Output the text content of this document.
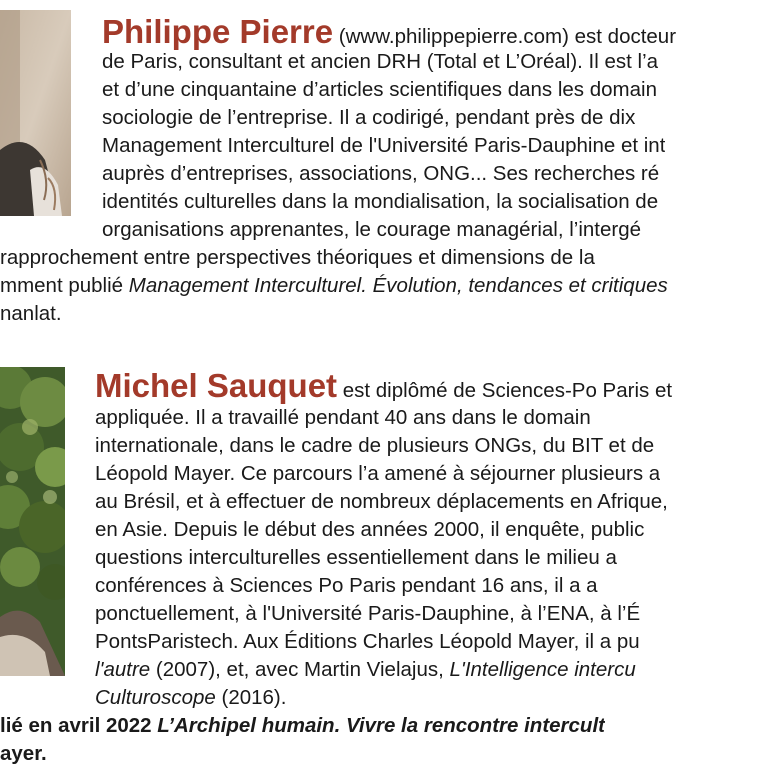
Philippe Pierre (www.philippepierre.com) est docteur
de Paris, consultant et ancien DRH (Total et L’Oréal). Il est l’a
et d’une cinquantaine d’articles scientifiques dans les domain
sociologie de l’entreprise. Il a codirigé, pendant près de dix
Management Interculturel de l'Université Paris-Dauphine et int
auprès d’entreprises, associations, ONG... Ses recherches ré
identités culturelles dans la mondialisation, la socialisation de
organisations apprenantes, le courage managérial, l’intergé
rapprochement entre perspectives théoriques et dimensions de la
mment publié Management Interculturel. Évolution, tendances et critiques
nanlat.
Michel Sauquet est diplômé de Sciences-Po Paris et
appliquée. Il a travaillé pendant 40 ans dans le domain
internationale, dans le cadre de plusieurs ONGs, du BIT et de
Léopold Mayer. Ce parcours l’a amené à séjourner plusieurs a
au Brésil, et à effectuer de nombreux déplacements en Afrique,
en Asie. Depuis le début des années 2000, il enquête, public
questions interculturelles essentiellement dans le milieu a
conférences à Sciences Po Paris pendant 16 ans, il a a
ponctuellement, à l'Université Paris-Dauphine, à l’ENA, à l’É
PontsParistech. Aux Éditions Charles Léopold Mayer, il a pu
l'autre (2007), et, avec Martin Vielajus, L'Intelligence intercu
Culturoscope (2016).
lié en avril 2022 L’Archipel humain. Vivre la rencontre intercult
ayer.
